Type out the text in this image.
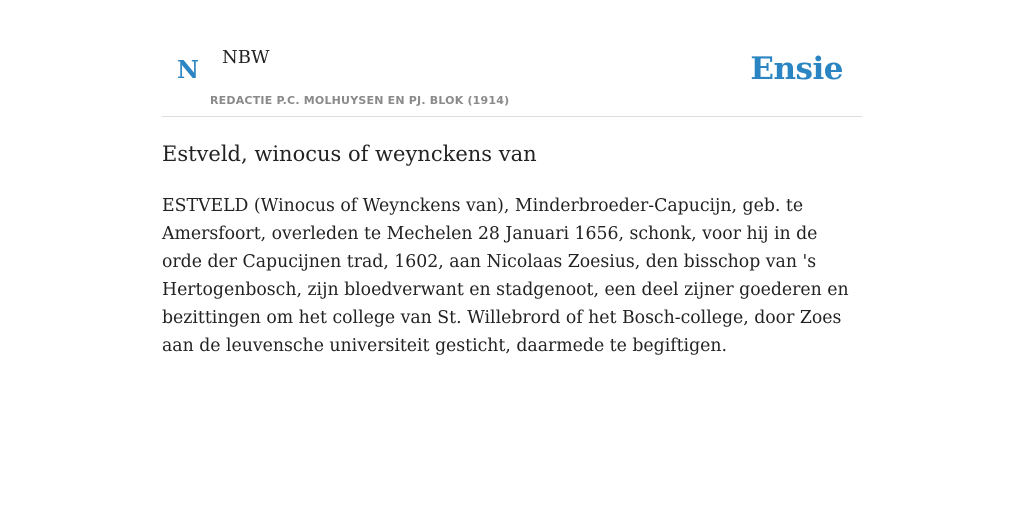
N NBW
REDACTIE P.C. MOLHUYSEN EN PJ. BLOK (1914)
Ensie
Estveld, winocus of weynckens van

ESTVELD (Winocus of Weynckens van), Minderbroeder-Capucijn, geb. te Amersfoort, overleden te Mechelen 28 Januari 1656, schonk, voor hij in de orde der Capucijnen trad, 1602, aan Nicolaas Zoesius, den bisschop van 's Hertogenbosch, zijn bloedverwant en stadgenoot, een deel zijner goederen en bezittingen om het college van St. Willebrord of het Bosch-college, door Zoes aan de leuvensche universiteit gesticht, daarmede te begiftigen.
